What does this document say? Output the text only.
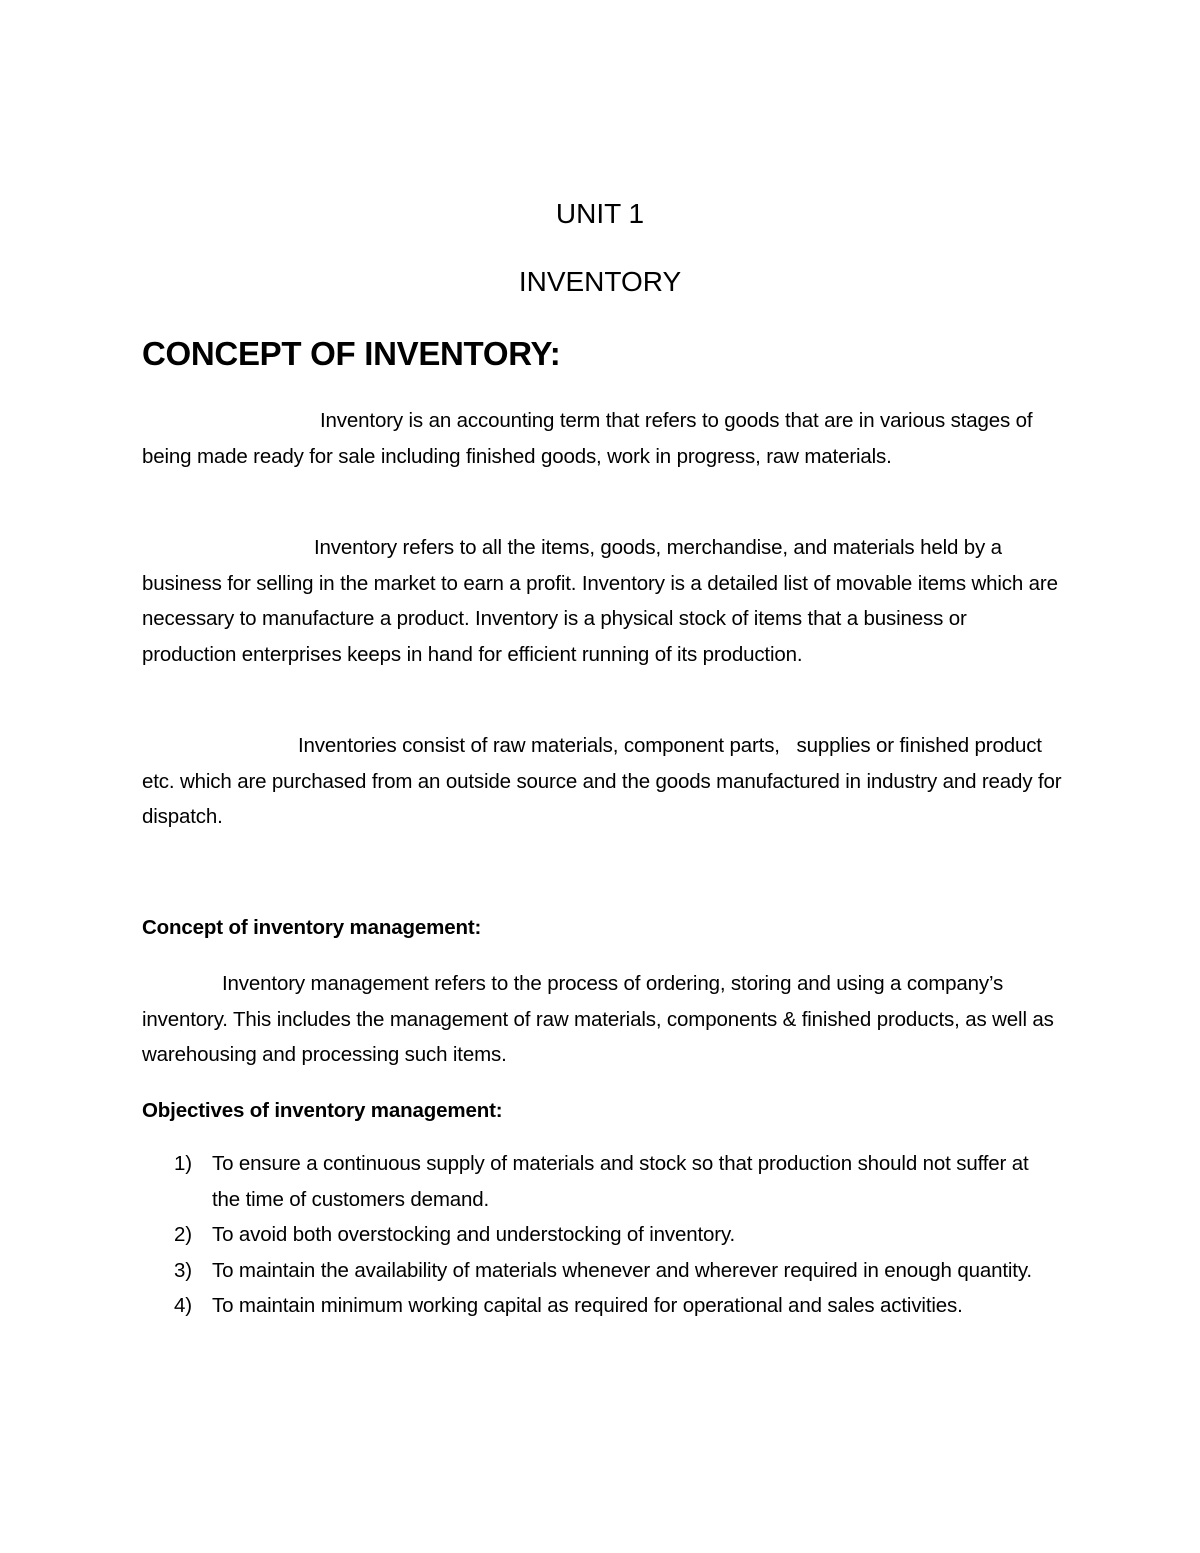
UNIT 1
INVENTORY
CONCEPT OF INVENTORY:

Inventory is an accounting term that refers to goods that are in various stages of being made ready for sale including finished goods, work in progress, raw materials.

Inventory refers to all the items, goods, merchandise, and materials held by a business for selling in the market to earn a profit. Inventory is a detailed list of movable items which are necessary to manufacture a product. Inventory is a physical stock of items that a business or production enterprises keeps in hand for efficient running of its production.

Inventories consist of raw materials, component parts,   supplies or finished product etc. which are purchased from an outside source and the goods manufactured in industry and ready for dispatch.

Concept of inventory management:

Inventory management refers to the process of ordering, storing and using a company’s inventory. This includes the management of raw materials, components & finished products, as well as warehousing and processing such items.

Objectives of inventory management:
1) To ensure a continuous supply of materials and stock so that production should not suffer at the time of customers demand.
2) To avoid both overstocking and understocking of inventory.
3) To maintain the availability of materials whenever and wherever required in enough quantity.
4) To maintain minimum working capital as required for operational and sales activities.
